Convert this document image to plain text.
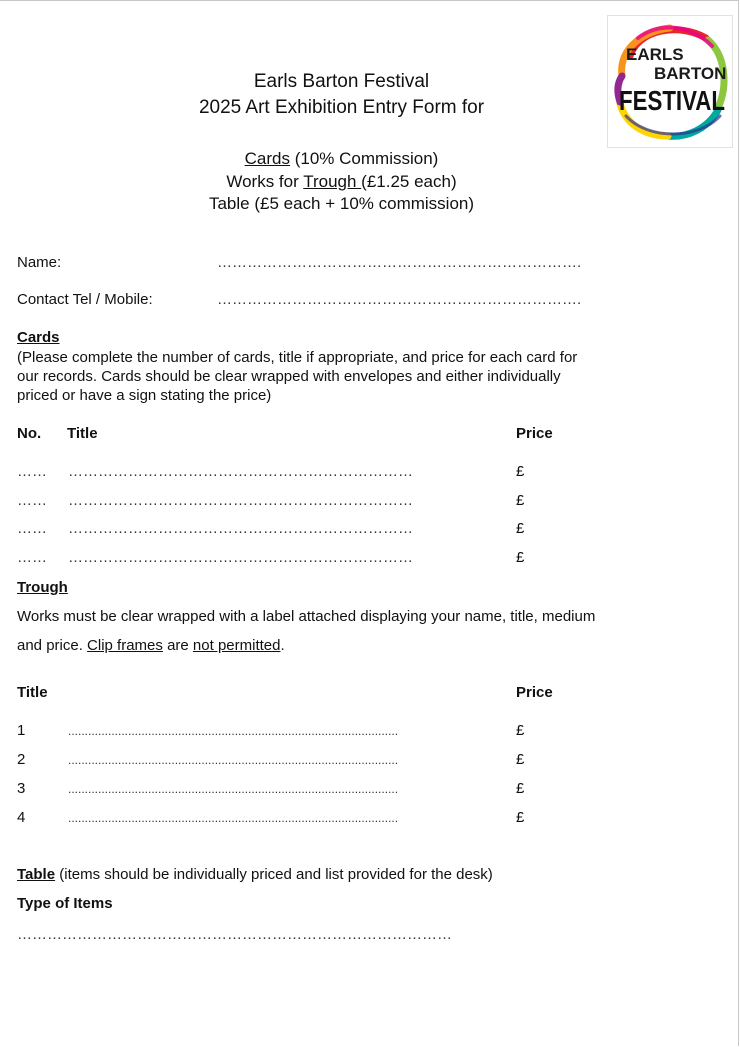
Earls Barton Festival
2025 Art Exhibition Entry Form for
Cards (10% Commission)
Works for Trough (£1.25 each)
Table (£5 each + 10% commission)
EARLS
BARTON
FESTIVAL
Name:	……………………………………………………………….
Contact Tel / Mobile:	……………………………………………………………….
Cards
(Please complete the number of cards, title if appropriate, and price for each card for
our records. Cards should be clear wrapped with envelopes and either individually
priced or have a sign stating the price)
No. Title	Price
……	……………………………………………………………	£
……	……………………………………………………………	£
……	……………………………………………………………	£
……	……………………………………………………………	£
Trough
Works must be clear wrapped with a label attached displaying your name, title, medium
and price. Clip frames are not permitted.
Title	Price
1	...................................................................................................	£
2	...................................................................................................	£
3	...................................................................................................	£
4	...................................................................................................	£
Table (items should be individually priced and list provided for the desk)
Type of Items
……………………………………………………………………………
